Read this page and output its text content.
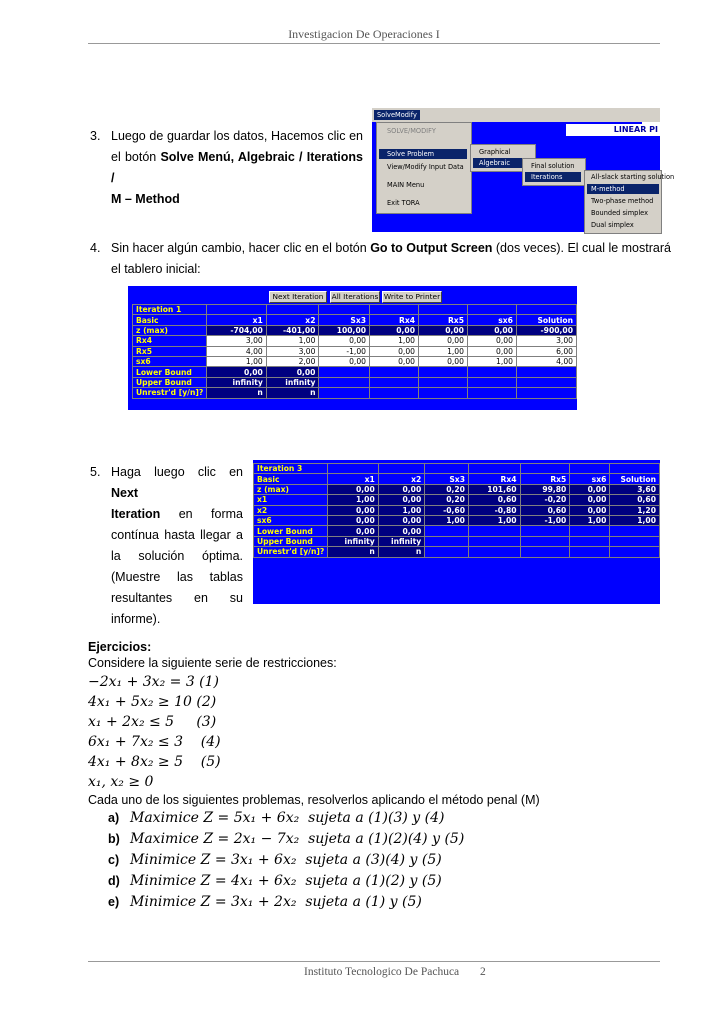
Investigacion De Operaciones I
3. Luego de guardar los datos, Hacemos clic en
el botón Solve Menú, Algebraic / Iterations /
M – Method
SolveModify
LINEAR PI
SOLVE/MODIFY
Solve Problem
View/Modify Input Data
MAIN Menu
Exit TORA
Graphical
Algebraic	Final solution
Iterations	All-slack starting solution
M-method
Two-phase method
Bounded simplex
Dual simplex
4. Sin hacer algún cambio, hacer clic en el botón Go to Output Screen (dos veces). El cual le mostrará
el tablero inicial:
Next Iteration	All Iterations Write to Printer
Iteration 1							
Basic	x1	x2	Sx3	Rx4	Rx5	sx6	Solution
z (max)	-704,00	-401,00	100,00	0,00	0,00	0,00	-900,00
Rx4	3,00	1,00	0,00	1,00	0,00	0,00	3,00
Rx5	4,00	3,00	-1,00	0,00	1,00	0,00	6,00
sx6	1,00	2,00	0,00	0,00	0,00	1,00	4,00
Lower Bound	0,00	0,00					
Upper Bound	infinity	infinity					
Unrestr'd [y/n]?	n	n					
5. Haga luego clic en Next
Iteration en forma
contínua hasta llegar a
la solución óptima.
(Muestre las tablas
resultantes en su
informe).
Iteration 3							
Basic	x1	x2	Sx3	Rx4	Rx5	sx6	Solution
z (max)	0,00	0,00	0,20	101,60	99,80	0,00	3,60
x1	1,00	0,00	0,20	0,60	-0,20	0,00	0,60
x2	0,00	1,00	-0,60	-0,80	0,60	0,00	1,20
sx6	0,00	0,00	1,00	1,00	-1,00	1,00	1,00
Lower Bound	0,00	0,00					
Upper Bound	infinity	infinity					
Unrestr'd [y/n]?	n	n					
Ejercicios:
Considere la siguiente serie de restricciones:
−2x₁ + 3x₂ = 3 (1)
4x₁ + 5x₂ ≥ 10 (2)
x₁ + 2x₂ ≤ 5     (3)
6x₁ + 7x₂ ≤ 3    (4)
4x₁ + 8x₂ ≥ 5    (5)
x₁, x₂ ≥ 0
Cada uno de los siguientes problemas, resolverlos aplicando el método penal (M)
a) Maximice Z = 5x₁ + 6x₂  sujeta a (1)(3) y (4)
b) Maximice Z = 2x₁ − 7x₂  sujeta a (1)(2)(4) y (5)
c) Minimice Z = 3x₁ + 6x₂  sujeta a (3)(4) y (5)
d) Minimice Z = 4x₁ + 6x₂  sujeta a (1)(2) y (5)
e) Minimice Z = 3x₁ + 2x₂  sujeta a (1) y (5)
Instituto Tecnologico De Pachuca 2
